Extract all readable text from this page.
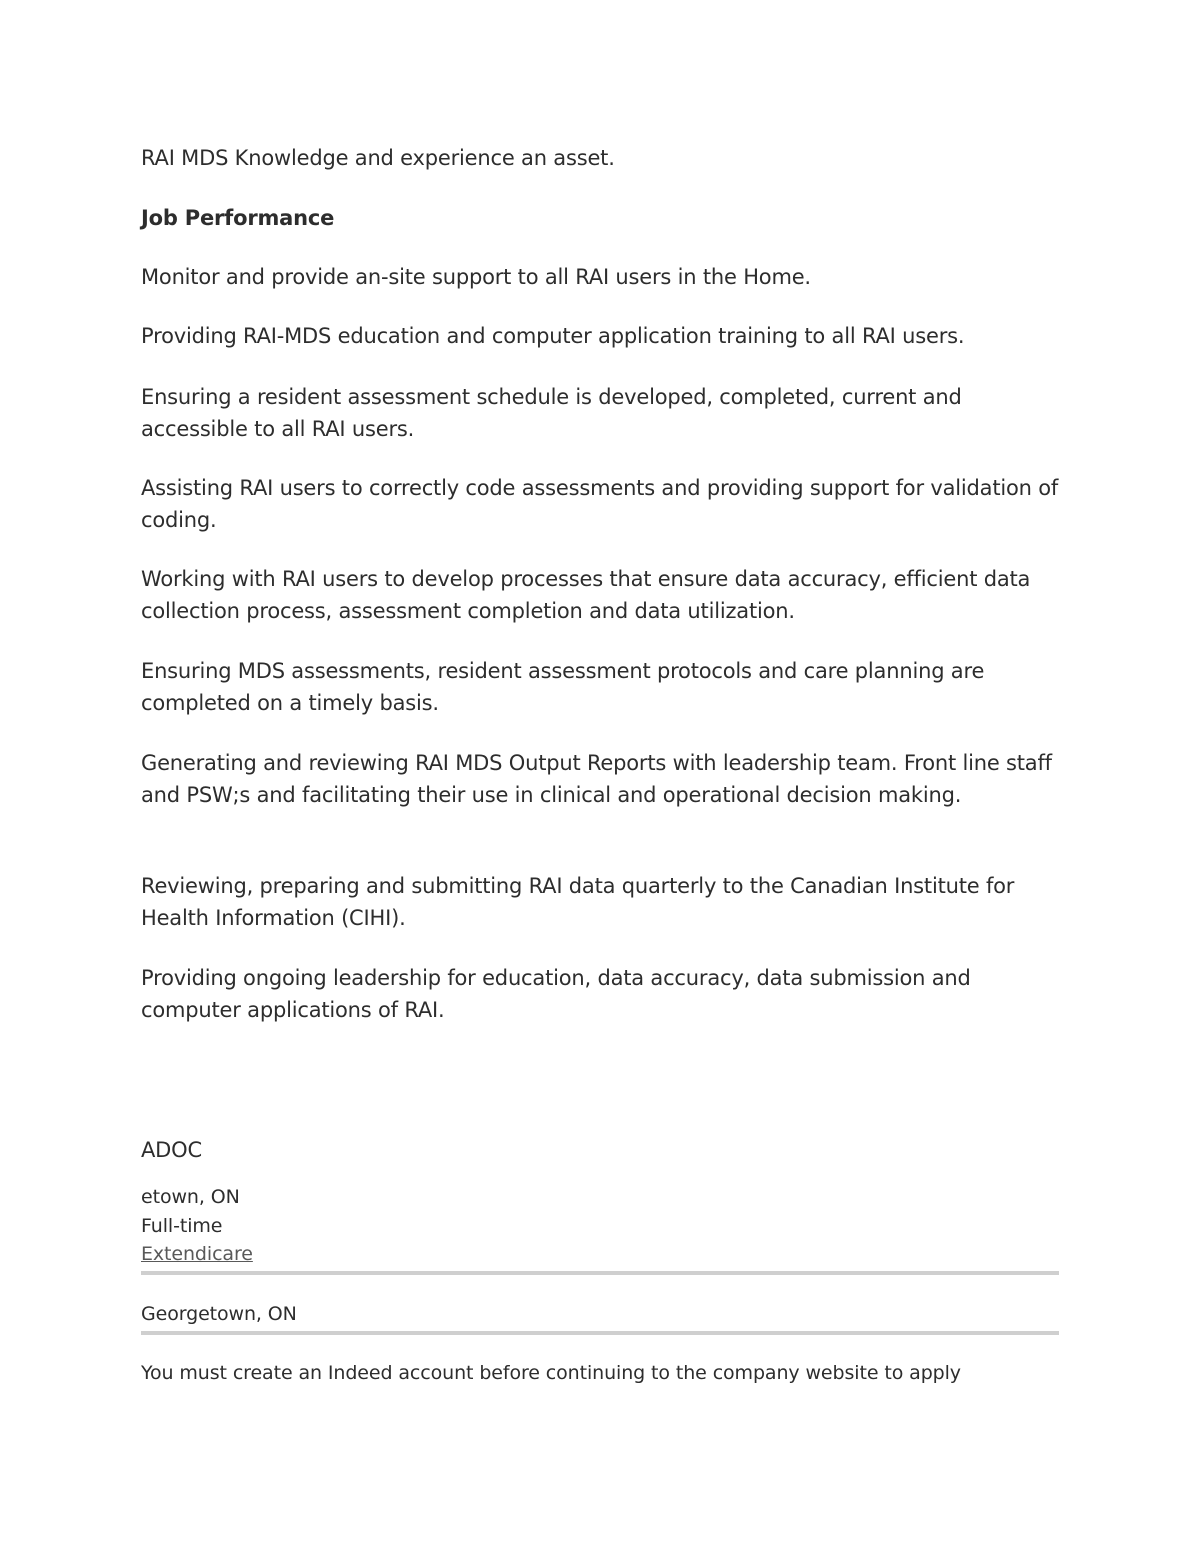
RAI MDS Knowledge and experience an asset.

Job Performance

Monitor and provide an-site support to all RAI users in the Home.

Providing RAI-MDS education and computer application training to all RAI users.

Ensuring a resident assessment schedule is developed, completed, current and accessible to all RAI users.

Assisting RAI users to correctly code assessments and providing support for validation of coding.

Working with RAI users to develop processes that ensure data accuracy, efficient data collection process, assessment completion and data utilization.

Ensuring MDS assessments, resident assessment protocols and care planning are completed on a timely basis.

Generating and reviewing RAI MDS Output Reports with leadership team. Front line staff and PSW;s and facilitating their use in clinical and operational decision making.

Reviewing, preparing and submitting RAI data quarterly to the Canadian Institute for Health Information (CIHI).

Providing ongoing leadership for education, data accuracy, data submission and computer applications of RAI.

ADOC

etown, ON

Full-time

Extendicare

Georgetown, ON

You must create an Indeed account before continuing to the company website to apply
